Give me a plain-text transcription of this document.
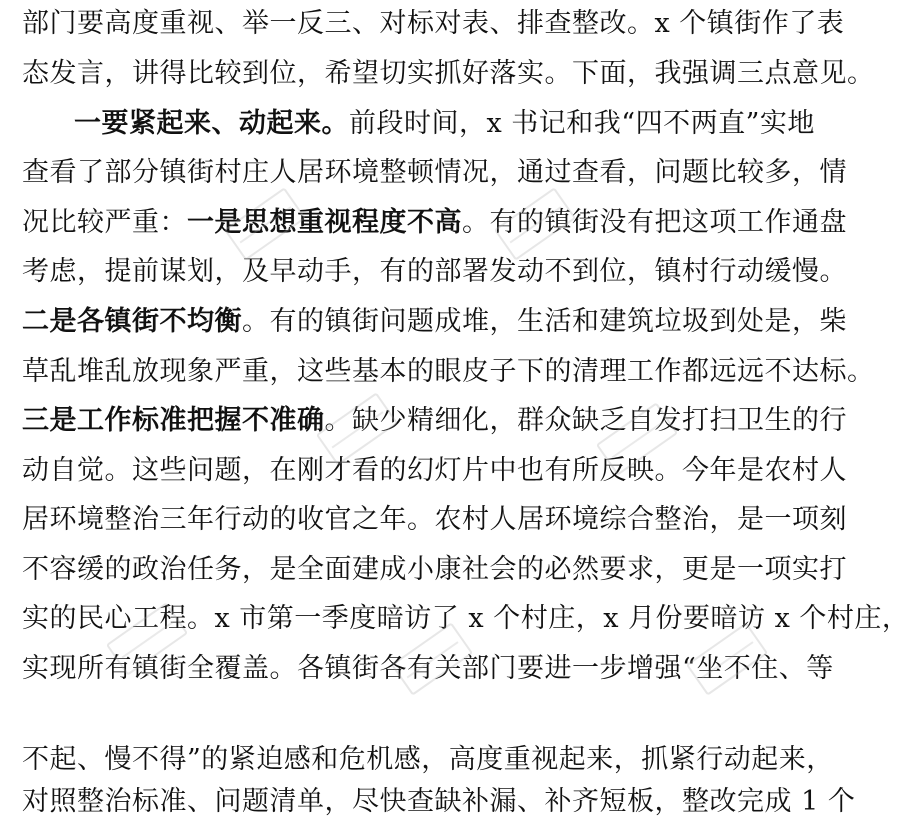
部门要高度重视、举一反三、对标对表、排查整改。x 个镇街作了表
态发言，讲得比较到位，希望切实抓好落实。下面，我强调三点意见。
一要紧起来、动起来。前段时间，x 书记和我“四不两直”实地
查看了部分镇街村庄人居环境整顿情况，通过查看，问题比较多，情
况比较严重：一是思想重视程度不高。有的镇街没有把这项工作通盘
考虑，提前谋划，及早动手，有的部署发动不到位，镇村行动缓慢。
二是各镇街不均衡。有的镇街问题成堆，生活和建筑垃圾到处是，柴
草乱堆乱放现象严重，这些基本的眼皮子下的清理工作都远远不达标。
三是工作标准把握不准确。缺少精细化，群众缺乏自发打扫卫生的行
动自觉。这些问题，在刚才看的幻灯片中也有所反映。今年是农村人
居环境整治三年行动的收官之年。农村人居环境综合整治，是一项刻
不容缓的政治任务，是全面建成小康社会的必然要求，更是一项实打
实的民心工程。x 市第一季度暗访了 x 个村庄，x 月份要暗访 x 个村庄，
实现所有镇街全覆盖。各镇街各有关部门要进一步增强“坐不住、等
不起、慢不得”的紧迫感和危机感，高度重视起来，抓紧行动起来，
对照整治标准、问题清单，尽快查缺补漏、补齐短板，整改完成 1 个
